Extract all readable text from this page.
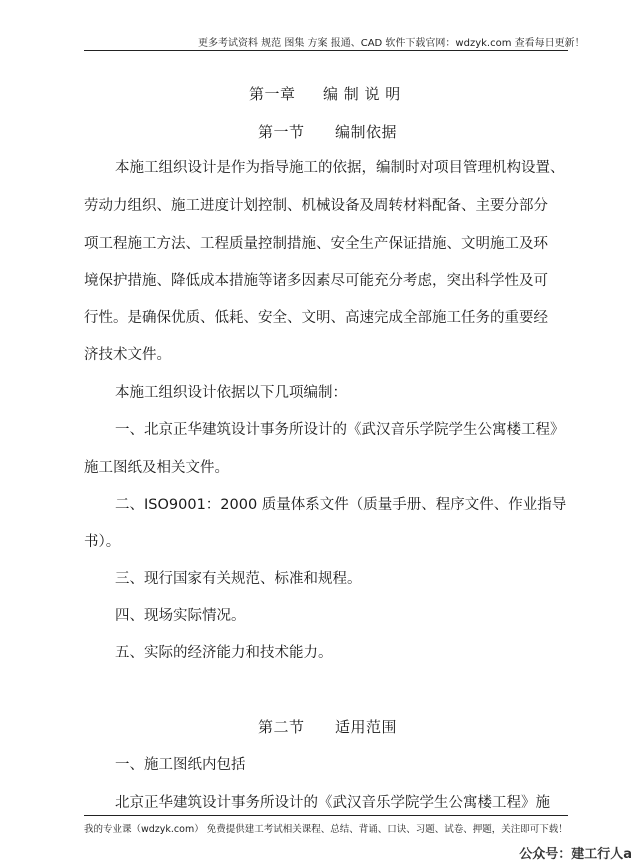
更多考试资料 规范 图集 方案 报通、CAD 软件下载官网：wdzyk.com 查看每日更新！
第一章 编 制 说 明
第一节 编制依据
本施工组织设计是作为指导施工的依据，编制时对项目管理机构设置、
劳动力组织、施工进度计划控制、机械设备及周转材料配备、主要分部分
项工程施工方法、工程质量控制措施、安全生产保证措施、文明施工及环
境保护措施、降低成本措施等诸多因素尽可能充分考虑，突出科学性及可
行性。是确保优质、低耗、安全、文明、高速完成全部施工任务的重要经
济技术文件。
本施工组织设计依据以下几项编制：
一、北京正华建筑设计事务所设计的《武汉音乐学院学生公寓楼工程》
施工图纸及相关文件。
二、ISO9001：2000 质量体系文件（质量手册、程序文件、作业指导
书）。
三、现行国家有关规范、标准和规程。
四、现场实际情况。
五、实际的经济能力和技术能力。
第二节 适用范围
一、施工图纸内包括
北京正华建筑设计事务所设计的《武汉音乐学院学生公寓楼工程》施
我的专业课（wdzyk.com） 免费提供建工考试相关课程、总结、背诵、口诀、习题、试卷、押题，关注即可下载！
公众号：建工行人a
